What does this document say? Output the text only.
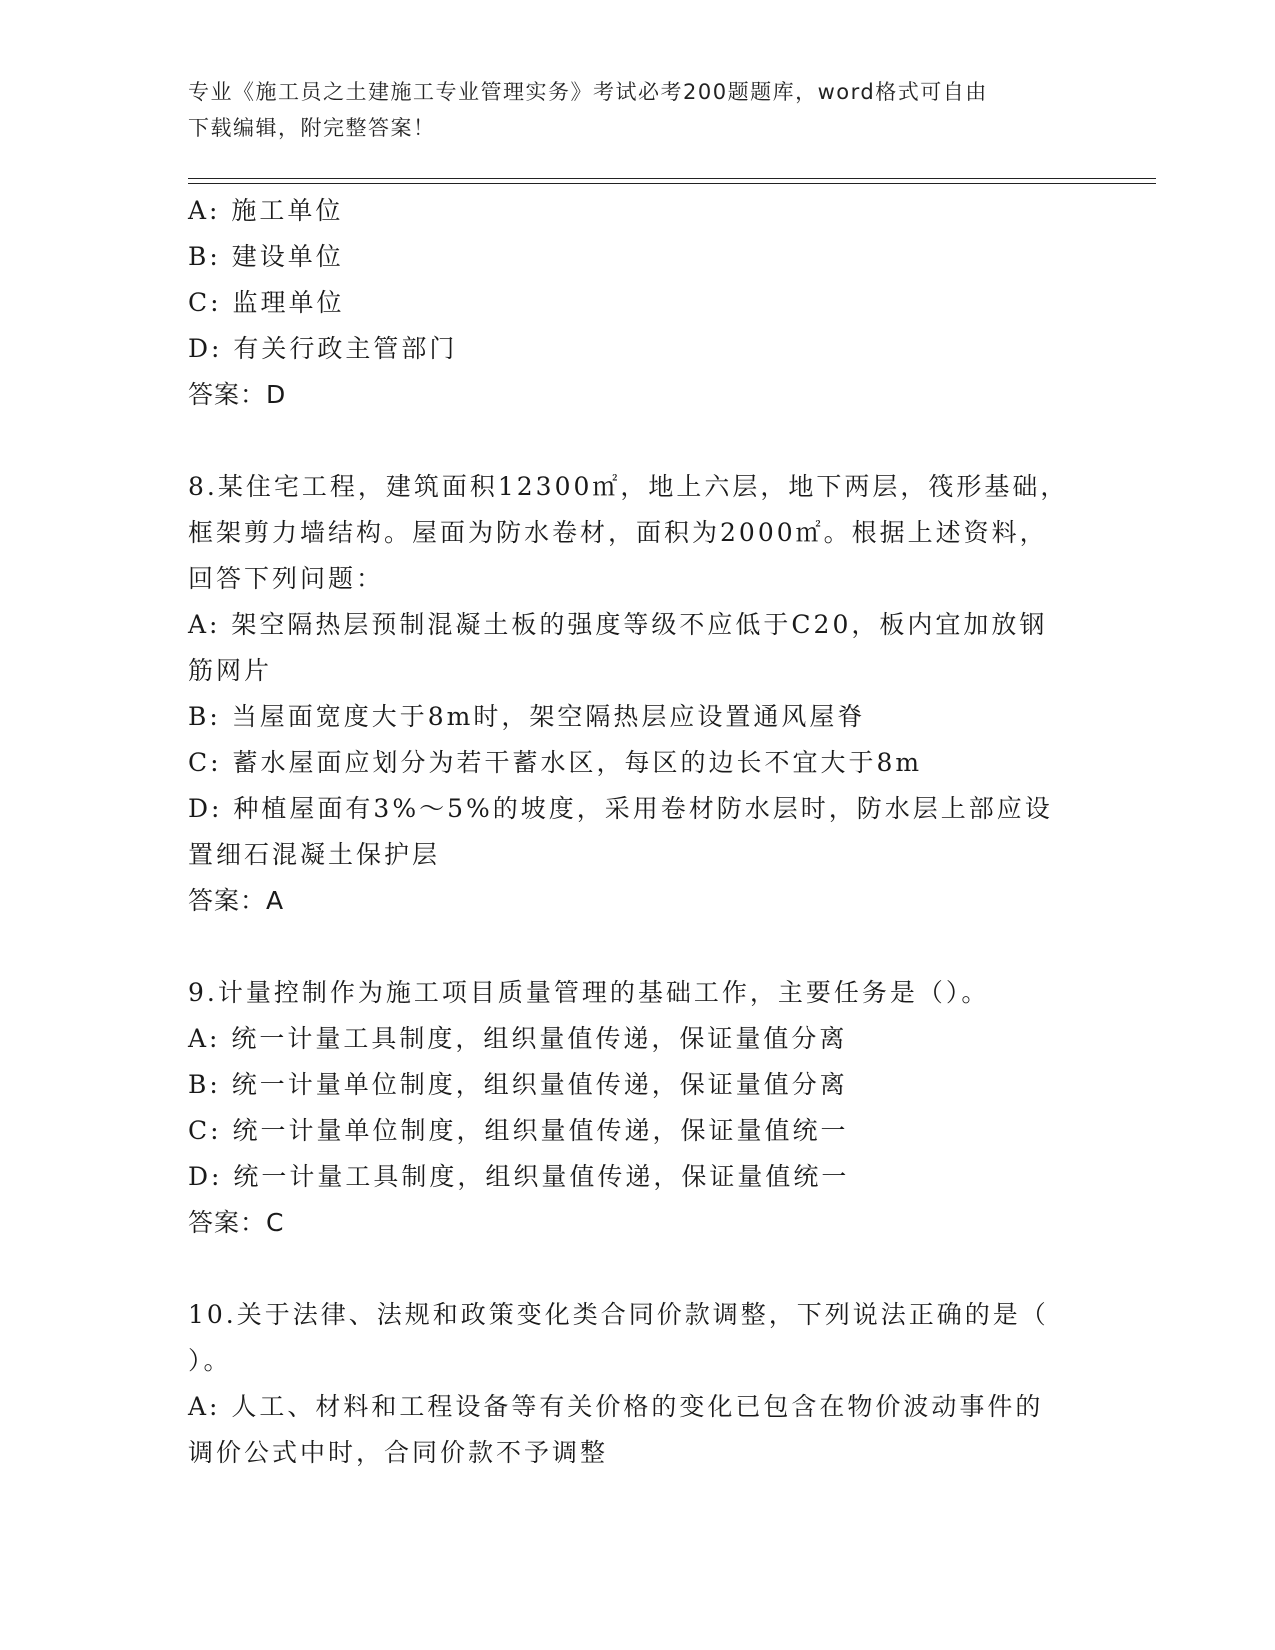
专业《施工员之土建施工专业管理实务》考试必考200题题库，word格式可自由
下载编辑，附完整答案！

A: 施工单位

B: 建设单位

C: 监理单位

D: 有关行政主管部门

答案：D

8.某住宅工程，建筑面积12300㎡，地上六层，地下两层，筏形基础，

框架剪力墙结构。屋面为防水卷材，面积为2000㎡。根据上述资料，

回答下列问题：

A: 架空隔热层预制混凝土板的强度等级不应低于C20，板内宜加放钢

筋网片

B: 当屋面宽度大于8m时，架空隔热层应设置通风屋脊

C: 蓄水屋面应划分为若干蓄水区，每区的边长不宜大于8m

D: 种植屋面有3%～5%的坡度，采用卷材防水层时，防水层上部应设

置细石混凝土保护层

答案：A

9.计量控制作为施工项目质量管理的基础工作，主要任务是（）。

A: 统一计量工具制度，组织量值传递，保证量值分离

B: 统一计量单位制度，组织量值传递，保证量值分离

C: 统一计量单位制度，组织量值传递，保证量值统一

D: 统一计量工具制度，组织量值传递，保证量值统一

答案：C

10.关于法律、法规和政策变化类合同价款调整，下列说法正确的是（

）。

A: 人工、材料和工程设备等有关价格的变化已包含在物价波动事件的

调价公式中时，合同价款不予调整
